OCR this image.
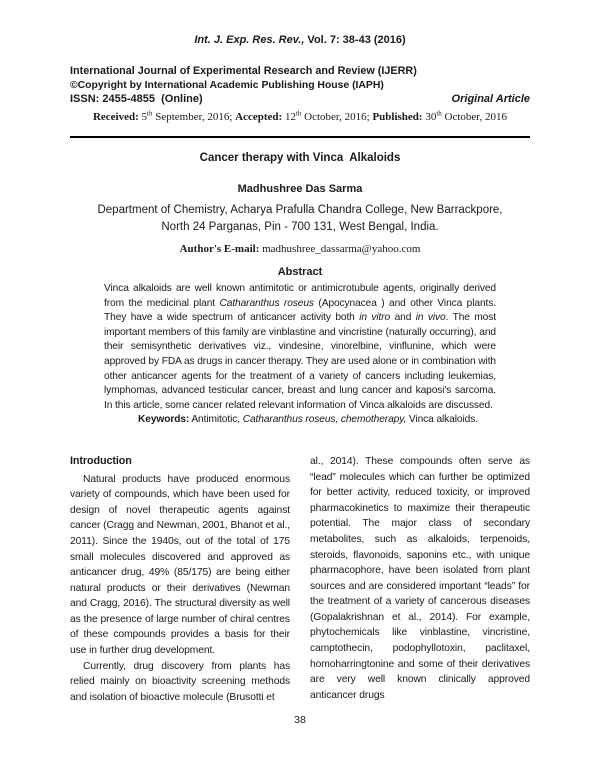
Int. J. Exp. Res. Rev., Vol. 7: 38-43 (2016)
International Journal of Experimental Research and Review (IJERR)
©Copyright by International Academic Publishing House (IAPH)
ISSN: 2455-4855  (Online)	Original Article
Received: 5th September, 2016; Accepted: 12th October, 2016; Published: 30th October, 2016
Cancer therapy with Vinca  Alkaloids
Madhushree Das Sarma
Department of Chemistry, Acharya Prafulla Chandra College, New Barrackpore,
North 24 Parganas, Pin - 700 131, West Bengal, India.
Author's E-mail: madhushree_dassarma@yahoo.com
Abstract

Vinca alkaloids are well known antimitotic or antimicrotubule agents, originally derived from the medicinal plant Catharanthus roseus (Apocynacea ) and other Vinca plants. They have a wide spectrum of anticancer activity both in vitro and in vivo. The most important members of this family are vinblastine and vincristine (naturally occurring), and their semisynthetic derivatives viz., vindesine, vinorelbine, vinflunine, which were approved by FDA as drugs in cancer therapy. They are used alone or in combination with other anticancer agents for the treatment of a variety of cancers including leukemias, lymphomas, advanced testicular cancer, breast and lung cancer and kaposi's sarcoma. In this article, some cancer related relevant information of Vinca alkaloids are discussed.

Keywords: Antimitotic, Catharanthus roseus, chemotherapy, Vinca alkaloids.

Introduction

Natural products have produced enormous variety of compounds, which have been used for design of novel therapeutic agents against cancer (Cragg and Newman, 2001, Bhanot et al., 2011). Since the 1940s, out of the total of 175 small molecules discovered and approved as anticancer drug, 49% (85/175) are being either natural products or their derivatives (Newman and Cragg, 2016). The structural diversity as well as the presence of large number of chiral centres of these compounds provides a basis for their use in further drug development.

Currently, drug discovery from plants has relied mainly on bioactivity screening methods and isolation of bioactive molecule (Brusotti et

al., 2014). These compounds often serve as “lead” molecules which can further be optimized for better activity, reduced toxicity, or improved pharmacokinetics to maximize their therapeutic potential. The major class of secondary metabolites, such as alkaloids, terpenoids, steroids, flavonoids, saponins etc., with unique pharmacophore, have been isolated from plant sources and are considered important “leads” for the treatment of a variety of cancerous diseases (Gopalakrishnan et al., 2014). For example, phytochemicals like vinblastine, vincristine, camptothecin, podophyllotoxin, paclitaxel, homoharringtonine and some of their derivatives are very well known clinically approved anticancer drugs

38
